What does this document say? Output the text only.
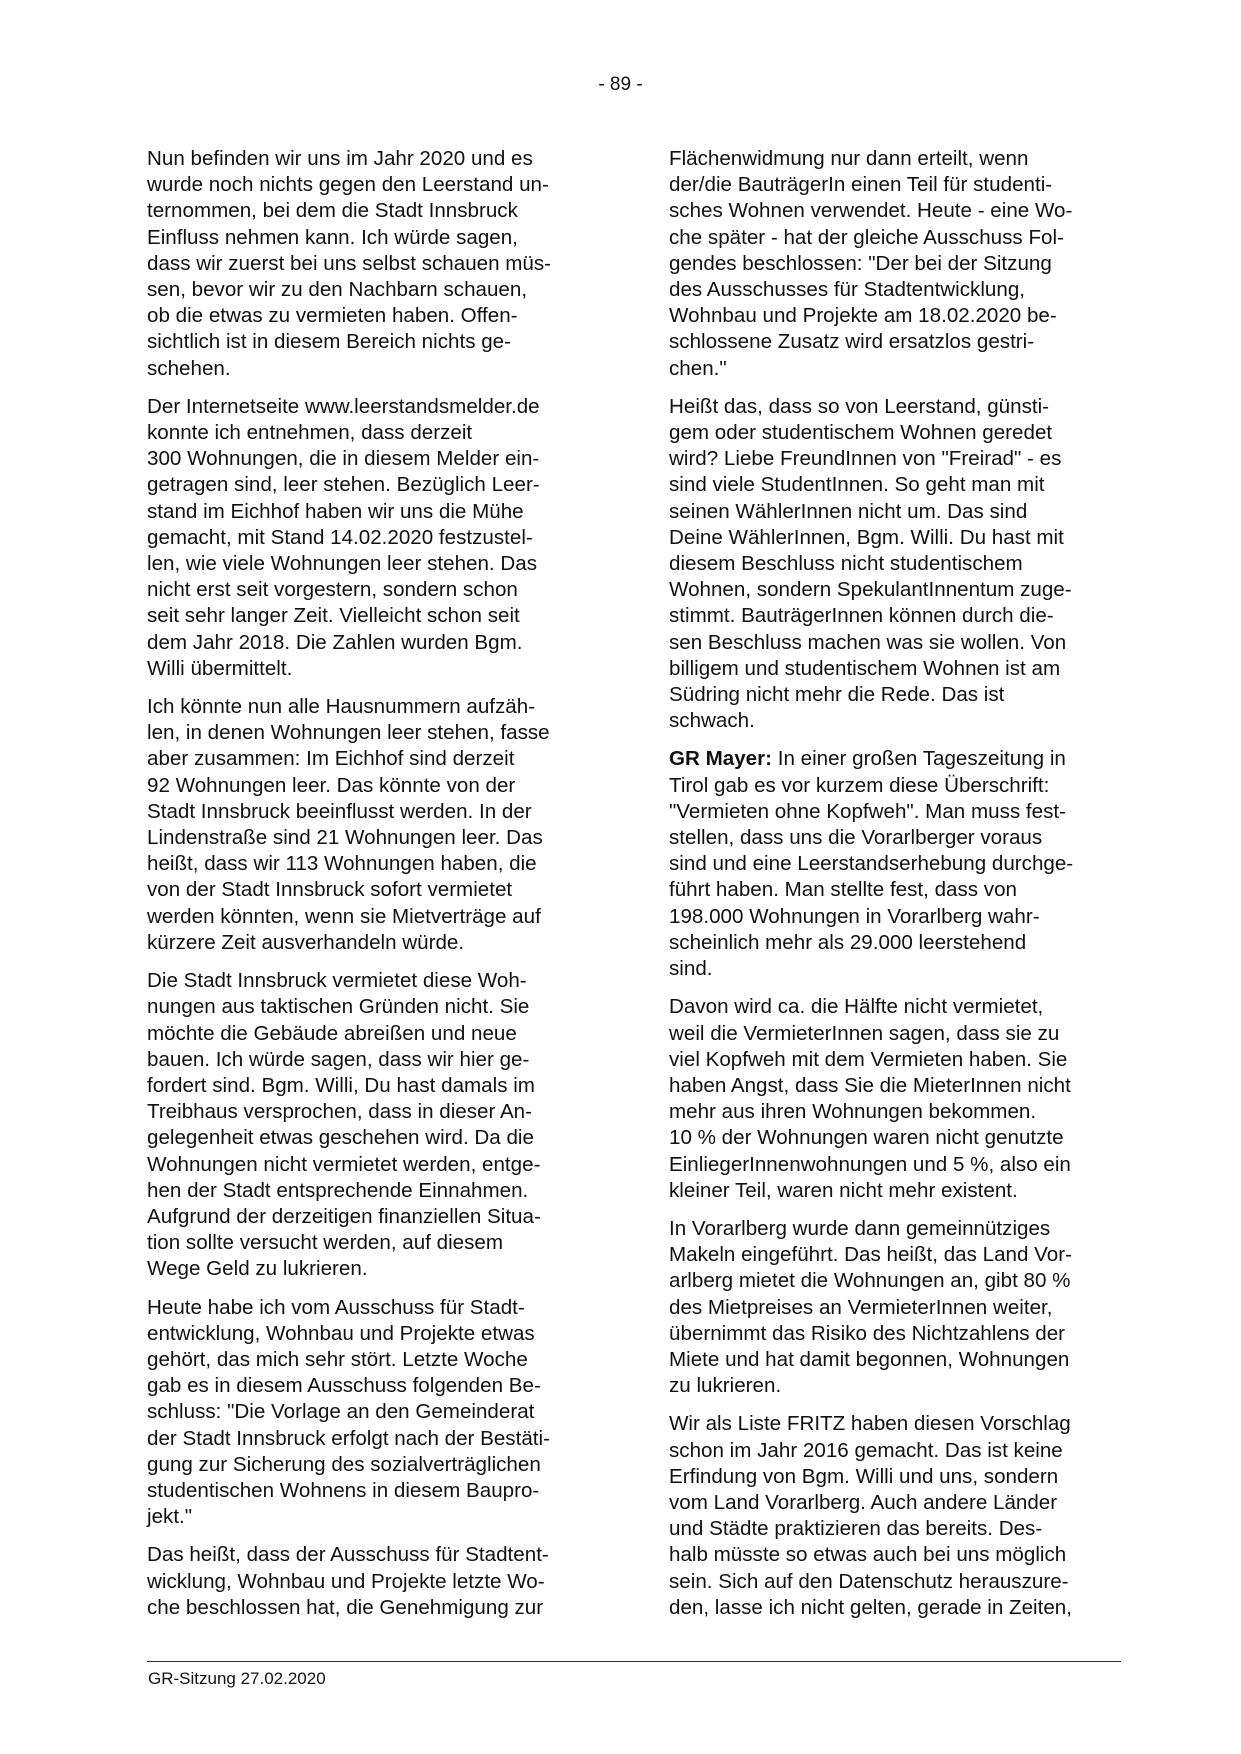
- 89 -
Nun befinden wir uns im Jahr 2020 und es
wurde noch nichts gegen den Leerstand un-
ternommen, bei dem die Stadt Innsbruck
Einfluss nehmen kann. Ich würde sagen,
dass wir zuerst bei uns selbst schauen müs-
sen, bevor wir zu den Nachbarn schauen,
ob die etwas zu vermieten haben. Offen-
sichtlich ist in diesem Bereich nichts ge-
schehen.
Der Internetseite www.leerstandsmelder.de
konnte ich entnehmen, dass derzeit
300 Wohnungen, die in diesem Melder ein-
getragen sind, leer stehen. Bezüglich Leer-
stand im Eichhof haben wir uns die Mühe
gemacht, mit Stand 14.02.2020 festzustel-
len, wie viele Wohnungen leer stehen. Das
nicht erst seit vorgestern, sondern schon
seit sehr langer Zeit. Vielleicht schon seit
dem Jahr 2018. Die Zahlen wurden Bgm.
Willi übermittelt.
Ich könnte nun alle Hausnummern aufzäh-
len, in denen Wohnungen leer stehen, fasse
aber zusammen: Im Eichhof sind derzeit
92 Wohnungen leer. Das könnte von der
Stadt Innsbruck beeinflusst werden. In der
Lindenstraße sind 21 Wohnungen leer. Das
heißt, dass wir 113 Wohnungen haben, die
von der Stadt Innsbruck sofort vermietet
werden könnten, wenn sie Mietverträge auf
kürzere Zeit ausverhandeln würde.
Die Stadt Innsbruck vermietet diese Woh-
nungen aus taktischen Gründen nicht. Sie
möchte die Gebäude abreißen und neue
bauen. Ich würde sagen, dass wir hier ge-
fordert sind. Bgm. Willi, Du hast damals im
Treibhaus versprochen, dass in dieser An-
gelegenheit etwas geschehen wird. Da die
Wohnungen nicht vermietet werden, entge-
hen der Stadt entsprechende Einnahmen.
Aufgrund der derzeitigen finanziellen Situa-
tion sollte versucht werden, auf diesem
Wege Geld zu lukrieren.
Heute habe ich vom Ausschuss für Stadt-
entwicklung, Wohnbau und Projekte etwas
gehört, das mich sehr stört. Letzte Woche
gab es in diesem Ausschuss folgenden Be-
schluss: "Die Vorlage an den Gemeinderat
der Stadt Innsbruck erfolgt nach der Bestäti-
gung zur Sicherung des sozialverträglichen
studentischen Wohnens in diesem Baupro-
jekt."
Das heißt, dass der Ausschuss für Stadtent-
wicklung, Wohnbau und Projekte letzte Wo-
che beschlossen hat, die Genehmigung zur
Flächenwidmung nur dann erteilt, wenn
der/die BauträgerIn einen Teil für studenti-
sches Wohnen verwendet. Heute - eine Wo-
che später - hat der gleiche Ausschuss Fol-
gendes beschlossen: "Der bei der Sitzung
des Ausschusses für Stadtentwicklung,
Wohnbau und Projekte am 18.02.2020 be-
schlossene Zusatz wird ersatzlos gestri-
chen."
Heißt das, dass so von Leerstand, günsti-
gem oder studentischem Wohnen geredet
wird? Liebe FreundInnen von "Freirad" - es
sind viele StudentInnen. So geht man mit
seinen WählerInnen nicht um. Das sind
Deine WählerInnen, Bgm. Willi. Du hast mit
diesem Beschluss nicht studentischem
Wohnen, sondern SpekulantInnentum zuge-
stimmt. BauträgerInnen können durch die-
sen Beschluss machen was sie wollen. Von
billigem und studentischem Wohnen ist am
Südring nicht mehr die Rede. Das ist
schwach.
GR Mayer: In einer großen Tageszeitung in
Tirol gab es vor kurzem diese Überschrift:
"Vermieten ohne Kopfweh". Man muss fest-
stellen, dass uns die Vorarlberger voraus
sind und eine Leerstandserhebung durchge-
führt haben. Man stellte fest, dass von
198.000 Wohnungen in Vorarlberg wahr-
scheinlich mehr als 29.000 leerstehend
sind.
Davon wird ca. die Hälfte nicht vermietet,
weil die VermieterInnen sagen, dass sie zu
viel Kopfweh mit dem Vermieten haben. Sie
haben Angst, dass Sie die MieterInnen nicht
mehr aus ihren Wohnungen bekommen.
10 % der Wohnungen waren nicht genutzte
EinliegerInnenwohnungen und 5 %, also ein
kleiner Teil, waren nicht mehr existent.
In Vorarlberg wurde dann gemeinnütziges
Makeln eingeführt. Das heißt, das Land Vor-
arlberg mietet die Wohnungen an, gibt 80 %
des Mietpreises an VermieterInnen weiter,
übernimmt das Risiko des Nichtzahlens der
Miete und hat damit begonnen, Wohnungen
zu lukrieren.
Wir als Liste FRITZ haben diesen Vorschlag
schon im Jahr 2016 gemacht. Das ist keine
Erfindung von Bgm. Willi und uns, sondern
vom Land Vorarlberg. Auch andere Länder
und Städte praktizieren das bereits. Des-
halb müsste so etwas auch bei uns möglich
sein. Sich auf den Datenschutz herauszure-
den, lasse ich nicht gelten, gerade in Zeiten,
GR-Sitzung 27.02.2020
